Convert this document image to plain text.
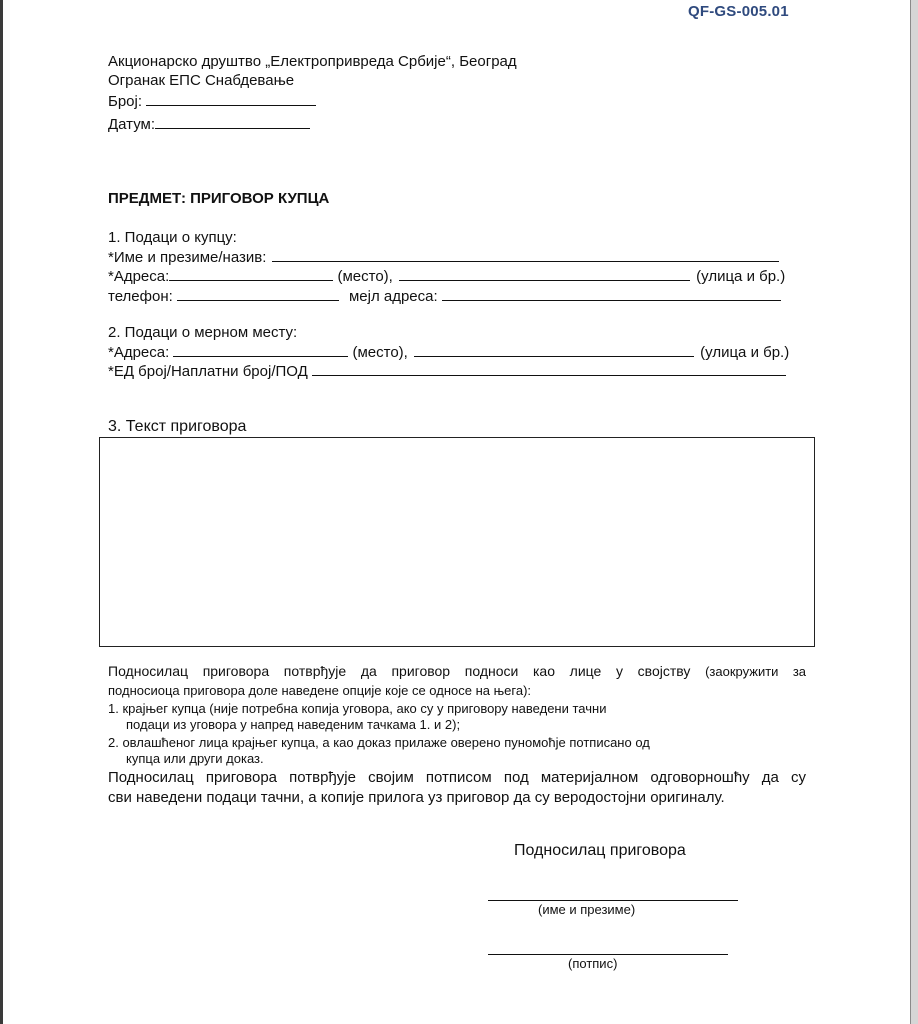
QF-GS-005.01
Акционарско друштво „Електропривреда Србије“, Београд
Огранак ЕПС Снабдевање
Број:
Датум:
ПРЕДМЕТ: ПРИГОВОР КУПЦА
1. Подаци о купцу:
*Име и презиме/назив:
*Адреса:	(место),	(улица и бр.)
телефон:	мејл адреса:
2. Подаци о мерном месту:
*Адреса:	(место),	(улица и бр.)
*ЕД број/Наплатни број/ПОД
3. Текст приговора
Подносилац приговора потврђује да приговор подноси као лице у својству (заокружити за
подносиоца приговора доле наведене опције које се односе на њега):
1. крајњег купца (није потребна копија уговора, ако су у приговору наведени тачни
подаци из уговора у напред наведеним тачкама 1. и 2);
2. овлашћеног лица крајњег купца, а као доказ прилаже оверено пуномоћје потписано од
купца или други доказ.
Подносилац приговора потврђује својим потписом под материјалном одговорношћу да су
сви наведени подаци тачни, а копије прилога уз приговор да су веродостојни оригиналу.
Подносилац приговора
(име и презиме)
(потпис)
